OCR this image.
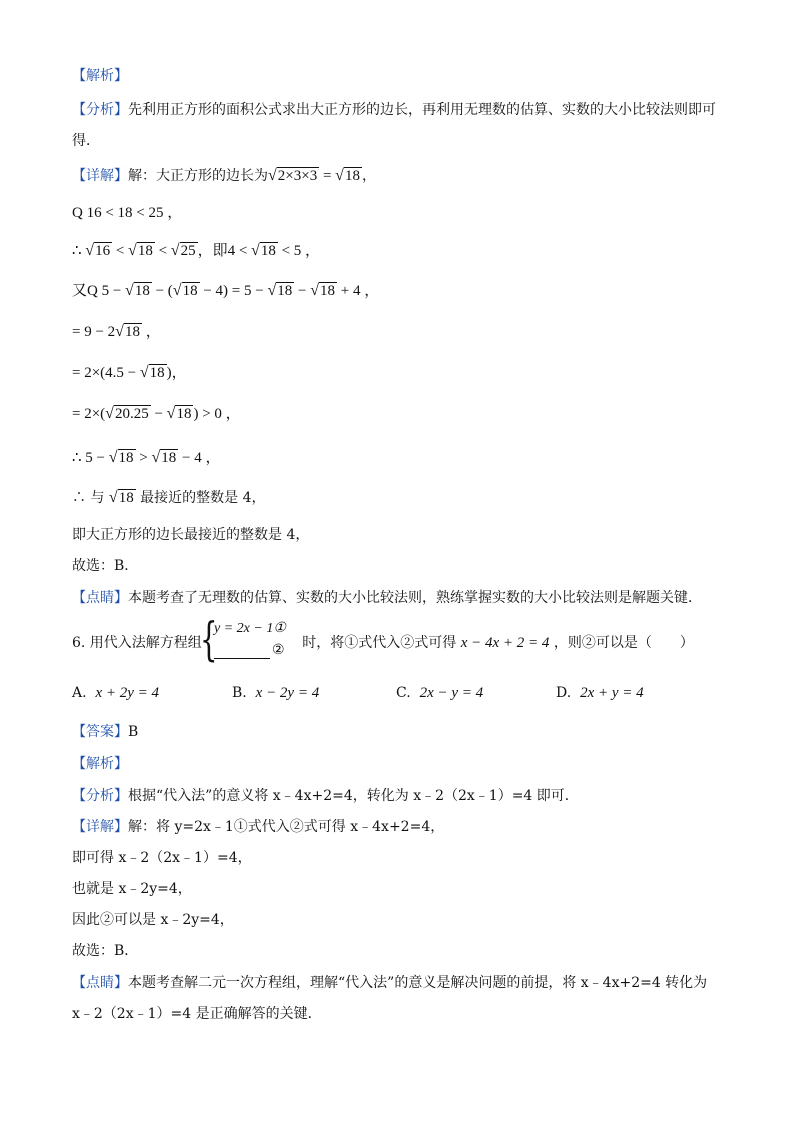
【解析】
【分析】先利用正方形的面积公式求出大正方形的边长，再利用无理数的估算、实数的大小比较法则即可
得．
【详解】解：大正方形的边长为√2×3×3 = √18 ，
Q 16 < 18 < 25 ，
∴ √16 < √18 < √25 ，即4 < √18 < 5 ，
又Q 5 − √18 − (√18 − 4) = 5 − √18 − √18 + 4 ，
= 9 − 2√18 ，
= 2×(4.5 − √18 )，
= 2×(√20.25 − √18 ) > 0 ，
∴ 5 − √18 > √18 − 4 ，
∴ 与 √18 最接近的整数是 4，
即大正方形的边长最接近的整数是 4，
故选：B．
【点睛】本题考查了无理数的估算、实数的大小比较法则，熟练掌握实数的大小比较法则是解题关键．
6. 用代入法解方程组	时，将①式代入②式可得 x − 4x + 2 = 4 ，则②可以是（　　）
{
y = 2x − 1①
②
A. x + 2y = 4	B. x − 2y = 4	C. 2x − y = 4	D. 2x + y = 4
【答案】B
【解析】
【分析】根据“代入法”的意义将 x﹣4x+2=4，转化为 x﹣2（2x﹣1）=4 即可．
【详解】解：将 y=2x﹣1①式代入②式可得 x﹣4x+2=4，
即可得 x﹣2（2x﹣1）=4，
也就是 x﹣2y=4，
因此②可以是 x﹣2y=4，
故选：B．
【点睛】本题考查解二元一次方程组，理解“代入法”的意义是解决问题的前提，将 x﹣4x+2=4 转化为
x﹣2（2x﹣1）=4 是正确解答的关键．
